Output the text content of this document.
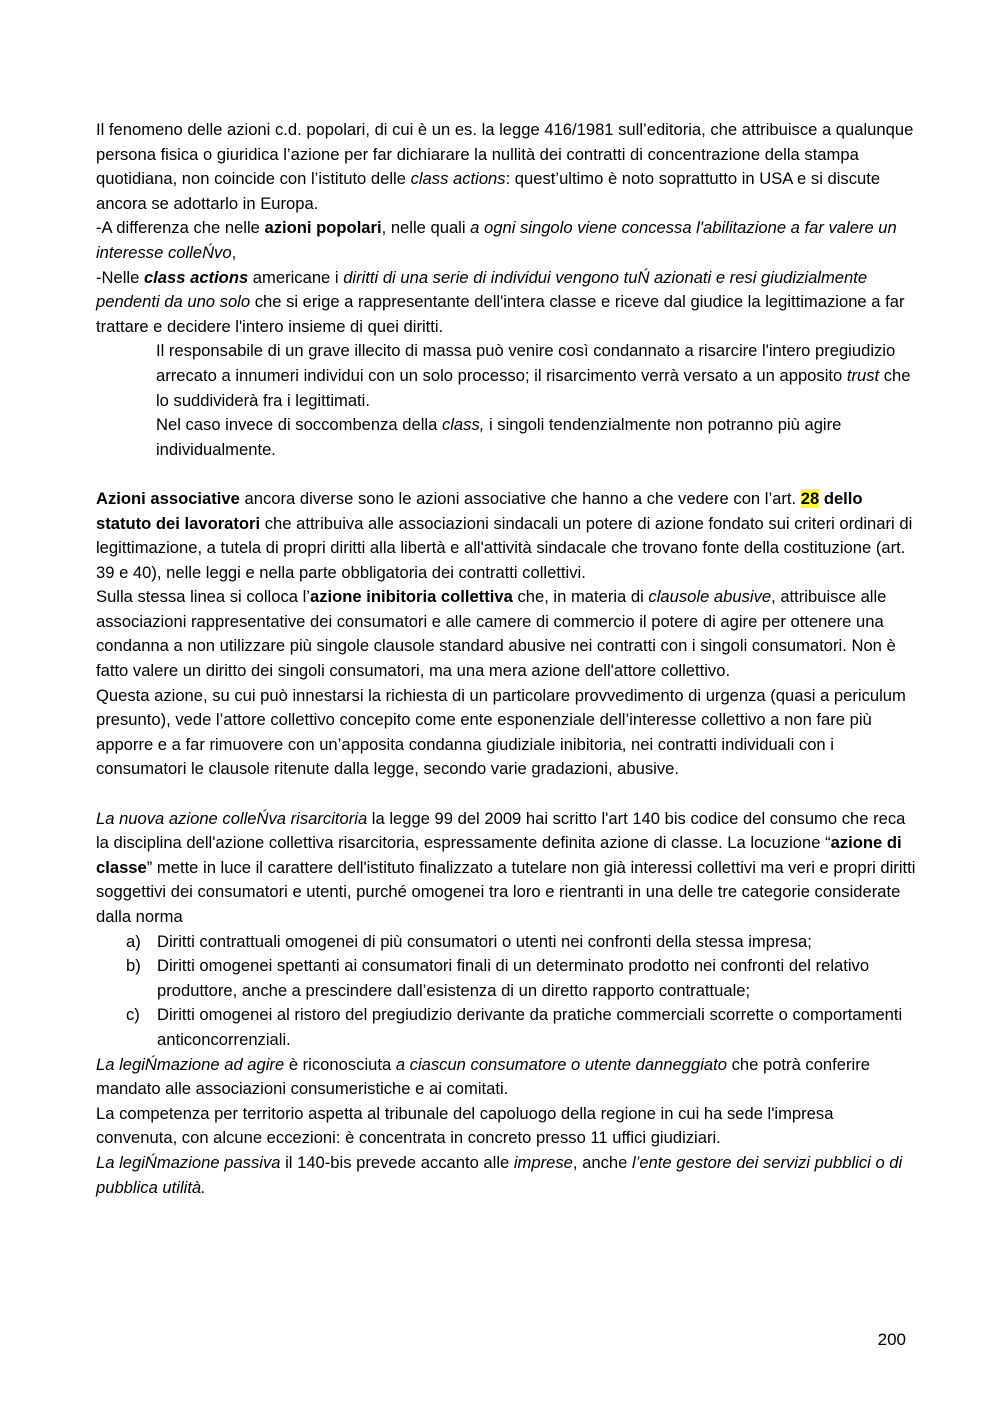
Il fenomeno delle azioni c.d. popolari, di cui è un es. la legge 416/1981 sull’editoria, che attribuisce a qualunque persona fisica o giuridica l’azione per far dichiarare la nullità dei contratti di concentrazione della stampa quotidiana, non coincide con l’istituto delle class actions: quest’ultimo è noto soprattutto in USA e si discute ancora se adottarlo in Europa.

-A differenza che nelle azioni popolari, nelle quali a ogni singolo viene concessa l'abilitazione a far valere un interesse colleŃvo,

-Nelle class actions americane i diritti di una serie di individui vengono tuŃ azionati e resi giudizialmente pendenti da uno solo che si erige a rappresentante dell'intera classe e riceve dal giudice la legittimazione a far trattare e decidere l'intero insieme di quei diritti.

Il responsabile di un grave illecito di massa può venire così condannato a risarcire l'intero pregiudizio arrecato a innumeri individui con un solo processo; il risarcimento verrà versato a un apposito trust che lo suddividerà fra i legittimati.

Nel caso invece di soccombenza della class, i singoli tendenzialmente non potranno più agire individualmente.

Azioni associative ancora diverse sono le azioni associative che hanno a che vedere con l’art. 28 dello statuto dei lavoratori che attribuiva alle associazioni sindacali un potere di azione fondato sui criteri ordinari di legittimazione, a tutela di propri diritti alla libertà e all'attività sindacale che trovano fonte della costituzione (art. 39 e 40), nelle leggi e nella parte obbligatoria dei contratti collettivi.

Sulla stessa linea si colloca l’azione inibitoria collettiva che, in materia di clausole abusive, attribuisce alle associazioni rappresentative dei consumatori e alle camere di commercio il potere di agire per ottenere una condanna a non utilizzare più singole clausole standard abusive nei contratti con i singoli consumatori. Non è fatto valere un diritto dei singoli consumatori, ma una mera azione dell'attore collettivo.

Questa azione, su cui può innestarsi la richiesta di un particolare provvedimento di urgenza (quasi a periculum presunto), vede l’attore collettivo concepito come ente esponenziale dell’interesse collettivo a non fare più apporre e a far rimuovere con un’apposita condanna giudiziale inibitoria, nei contratti individuali con i consumatori le clausole ritenute dalla legge, secondo varie gradazioni, abusive.

La nuova azione colleŃva risarcitoria la legge 99 del 2009 hai scritto l'art 140 bis codice del consumo che reca la disciplina dell'azione collettiva risarcitoria, espressamente definita azione di classe. La locuzione “azione di classe” mette in luce il carattere dell'istituto finalizzato a tutelare non già interessi collettivi ma veri e propri diritti soggettivi dei consumatori e utenti, purché omogenei tra loro e rientranti in una delle tre categorie considerate dalla norma

a) Diritti contrattuali omogenei di più consumatori o utenti nei confronti della stessa impresa;
b) Diritti omogenei spettanti ai consumatori finali di un determinato prodotto nei confronti del relativo produttore, anche a prescindere dall’esistenza di un diretto rapporto contrattuale;
c) Diritti omogenei al ristoro del pregiudizio derivante da pratiche commerciali scorrette o comportamenti anticoncorrenziali.

La legiŃmazione ad agire è riconosciuta a ciascun consumatore o utente danneggiato che potrà conferire mandato alle associazioni consumeristiche e ai comitati.

La competenza per territorio aspetta al tribunale del capoluogo della regione in cui ha sede l'impresa convenuta, con alcune eccezioni: è concentrata in concreto presso 11 uffici giudiziari.

La legiŃmazione passiva il 140-bis prevede accanto alle imprese, anche l’ente gestore dei servizi pubblici o di pubblica utilità.

200
